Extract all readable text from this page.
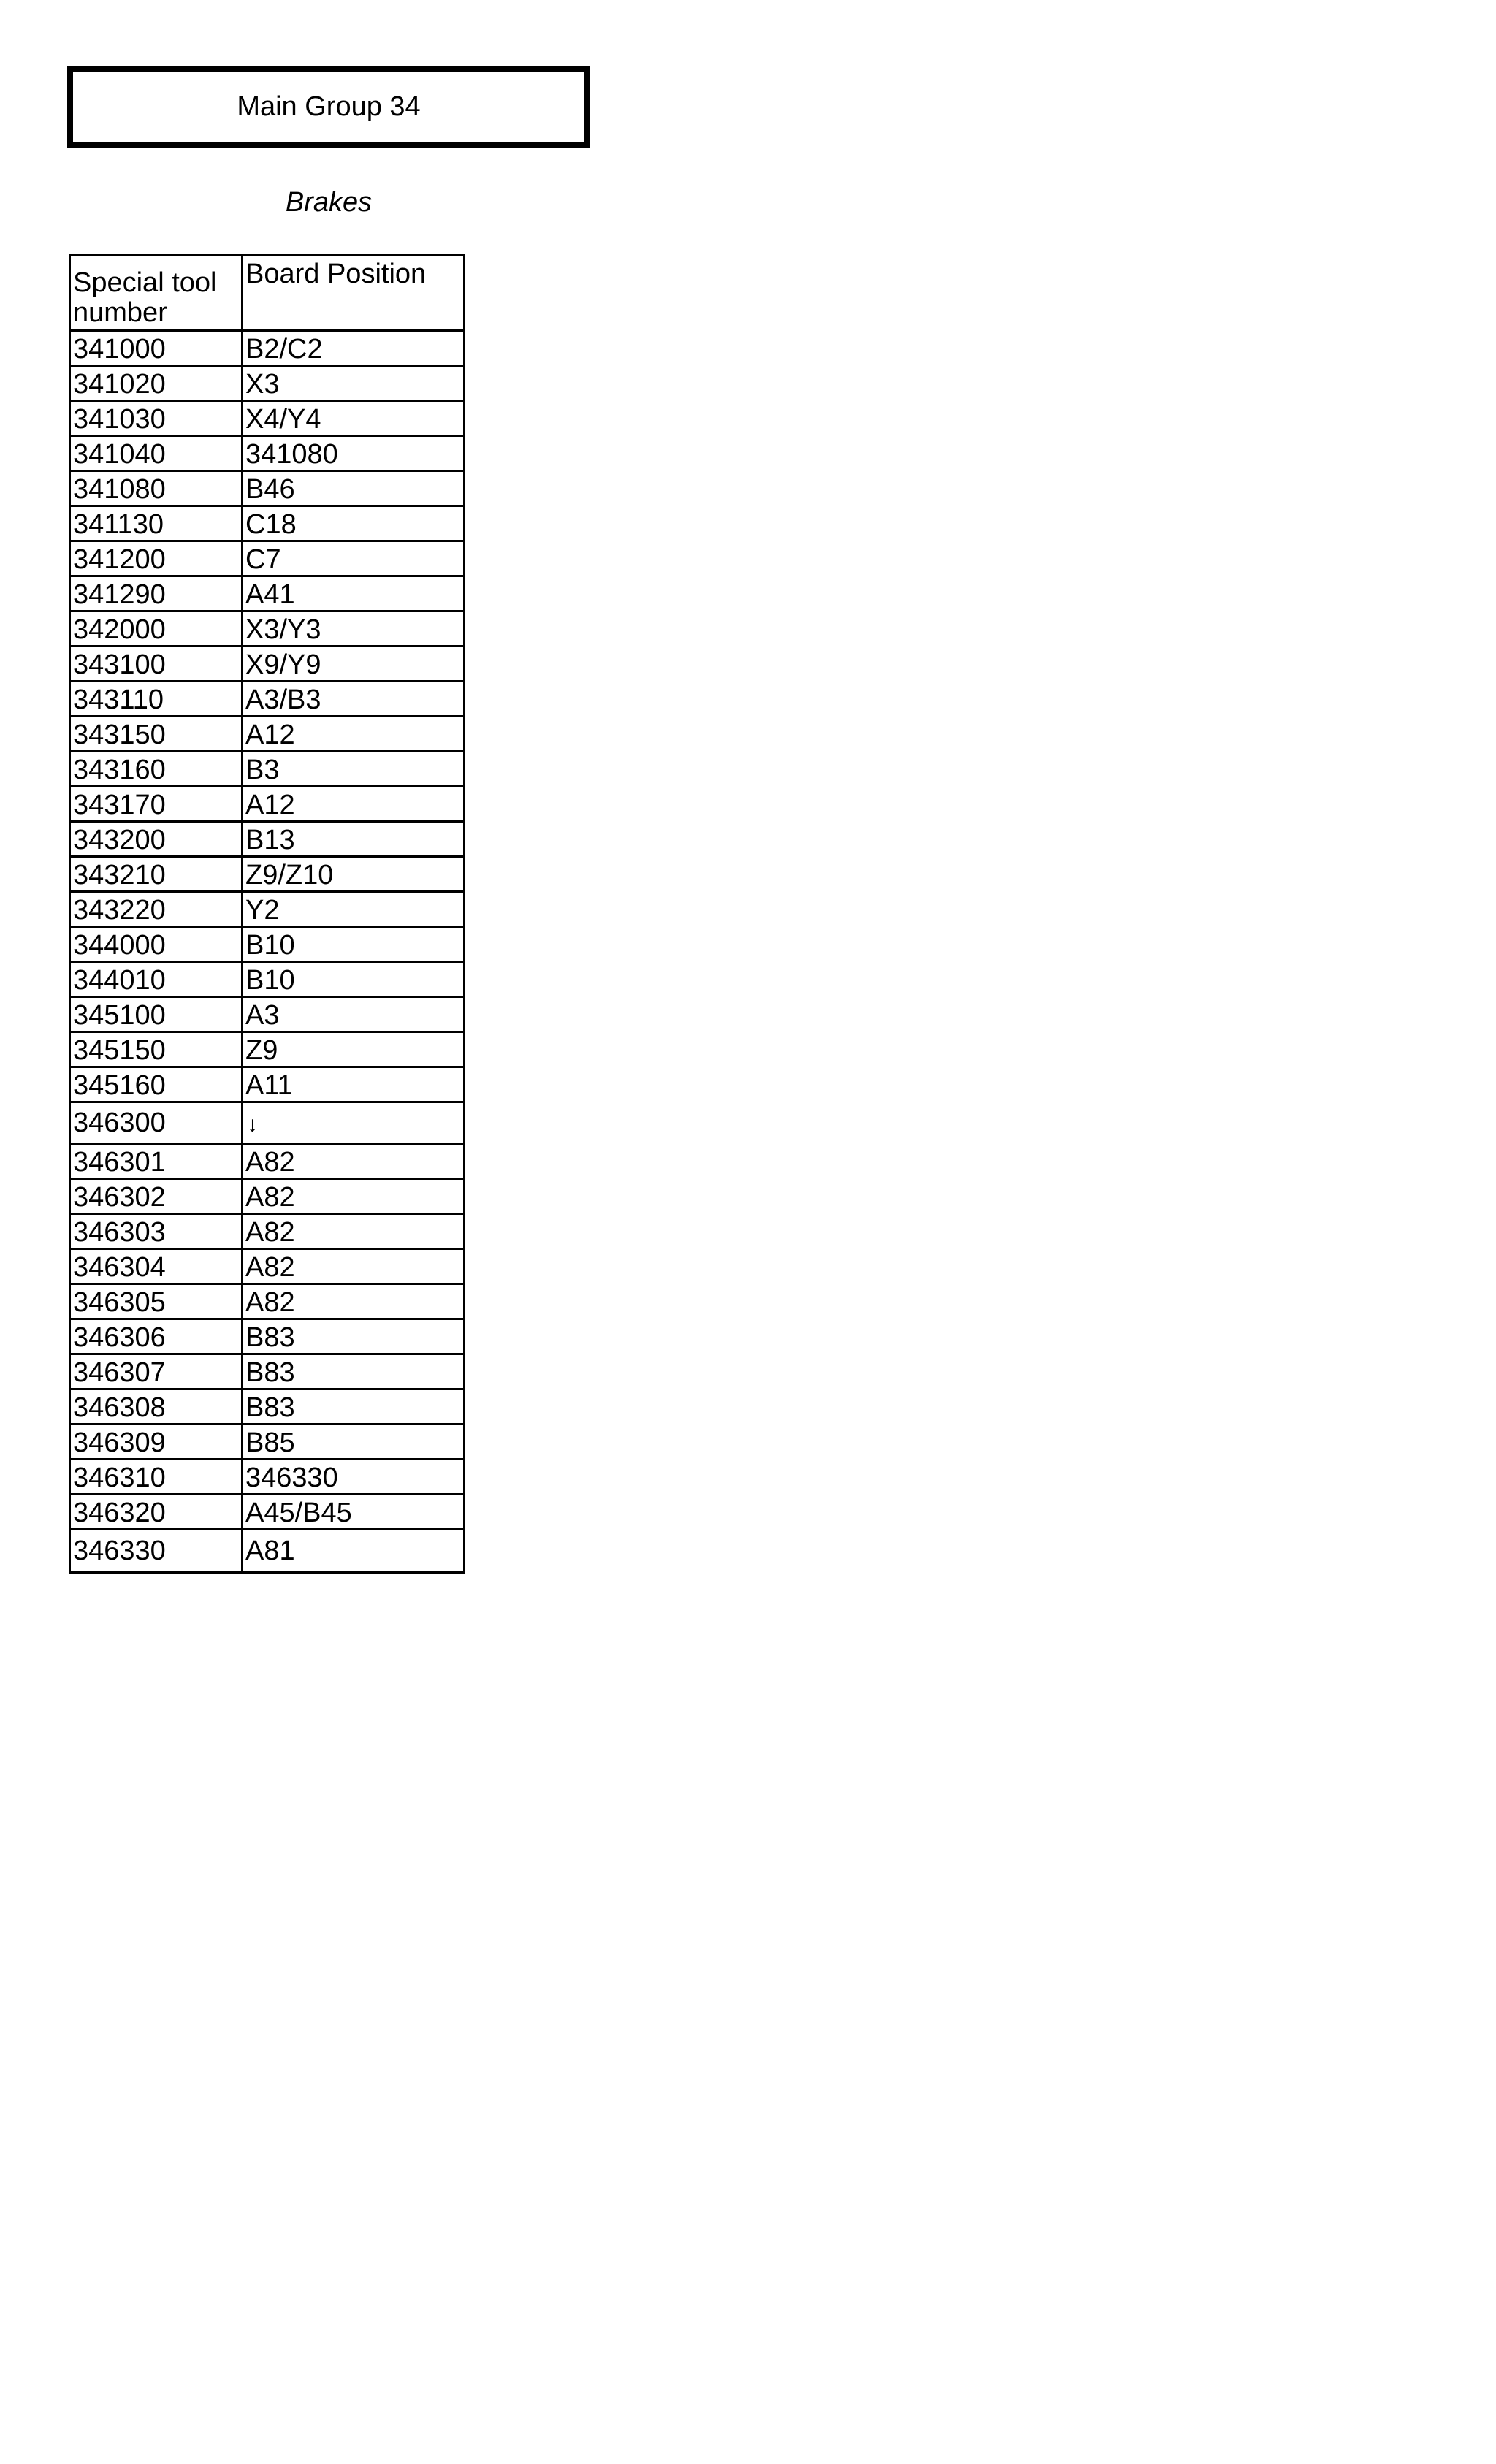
Main Group 34
Brakes
Special tool number	Board Position
341000	B2/C2
341020	X3
341030	X4/Y4
341040	341080
341080	B46
341130	C18
341200	C7
341290	A41
342000	X3/Y3
343100	X9/Y9
343110	A3/B3
343150	A12
343160	B3
343170	A12
343200	B13
343210	Z9/Z10
343220	Y2
344000	B10
344010	B10
345100	A3
345150	Z9
345160	A11
346300	↓
346301	A82
346302	A82
346303	A82
346304	A82
346305	A82
346306	B83
346307	B83
346308	B83
346309	B85
346310	346330
346320	A45/B45
346330	A81
